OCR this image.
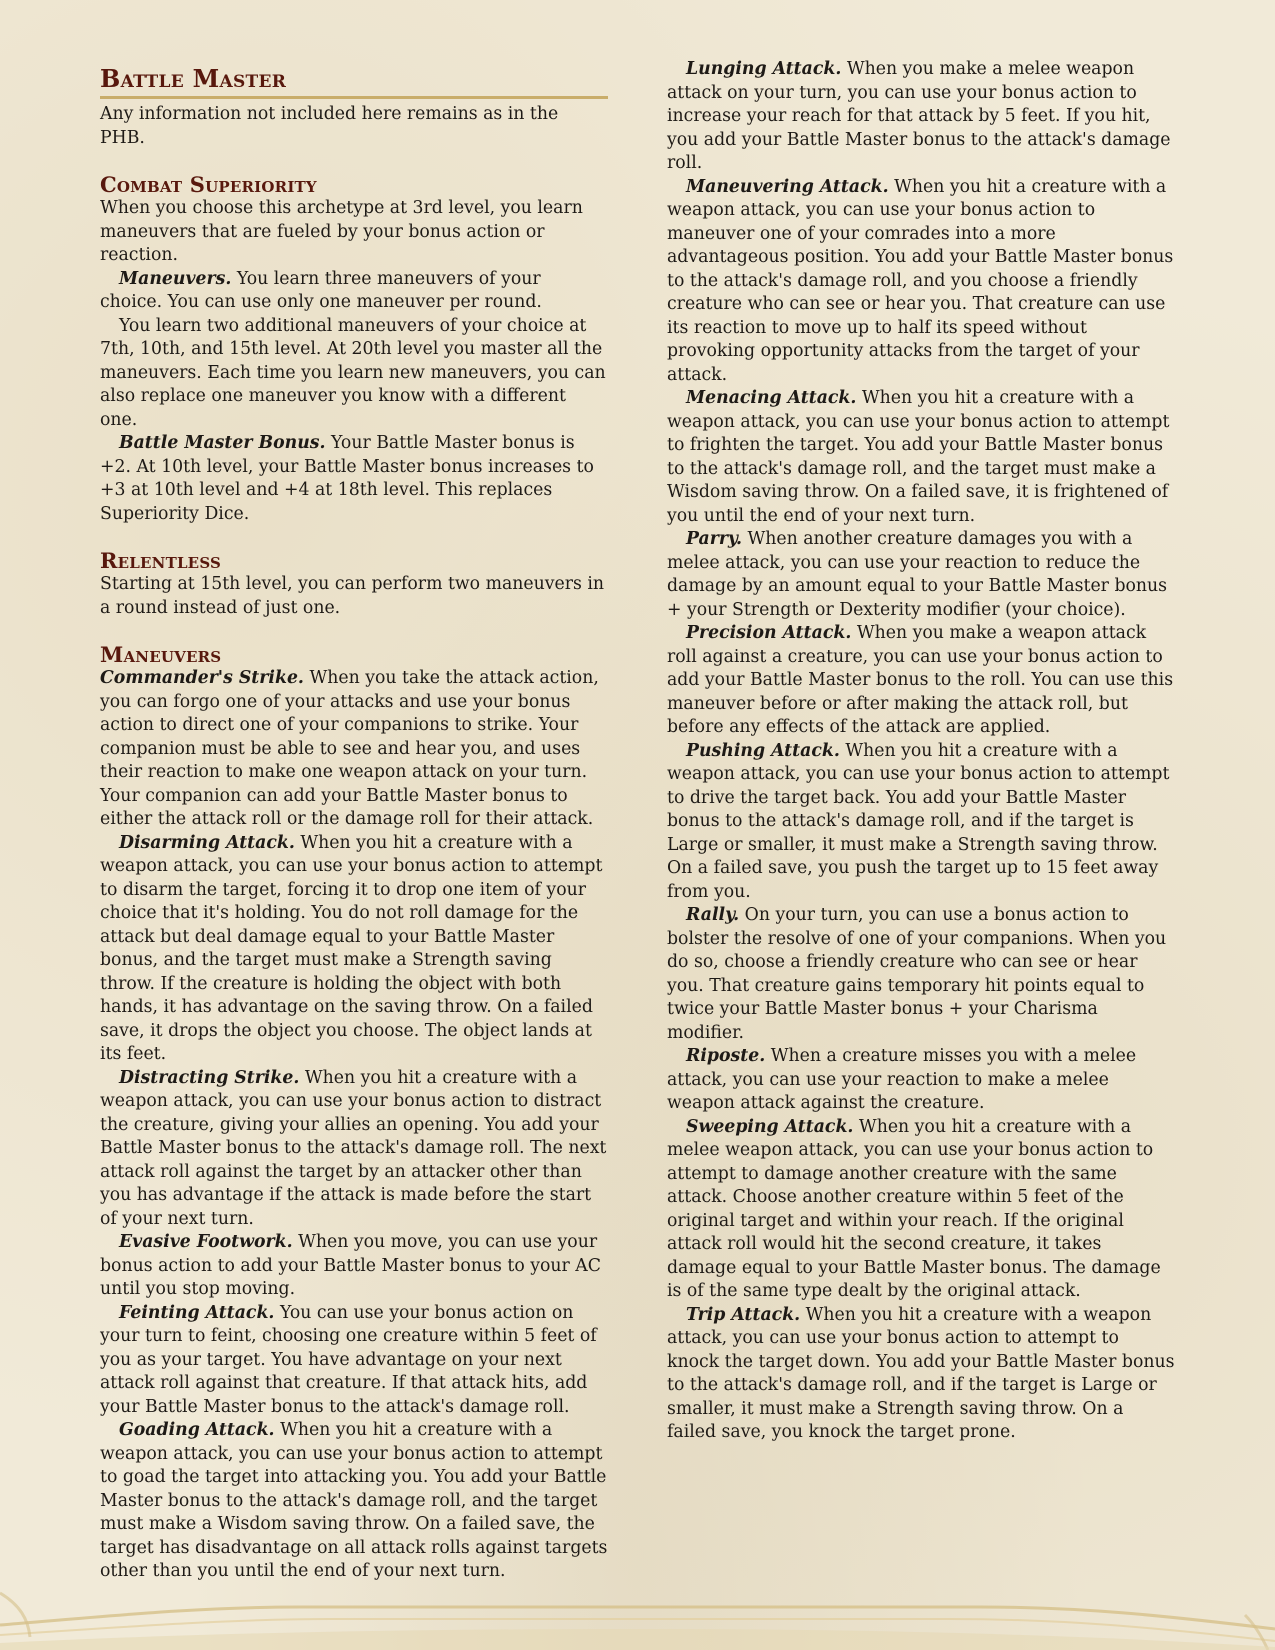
Battle Master

Any information not included here remains as in the PHB.

Combat Superiority

When you choose this archetype at 3rd level, you learn maneuvers that are fueled by your bonus action or reaction.

Maneuvers. You learn three maneuvers of your choice. You can use only one maneuver per round.

You learn two additional maneuvers of your choice at 7th, 10th, and 15th level. At 20th level you master all the maneuvers. Each time you learn new maneuvers, you can also replace one maneuver you know with a different one.

Battle Master Bonus. Your Battle Master bonus is +2. At 10th level, your Battle Master bonus increases to +3 at 10th level and +4 at 18th level. This replaces Superiority Dice.

Relentless

Starting at 15th level, you can perform two maneuvers in a round instead of just one.

Maneuvers

Commander's Strike. When you take the attack action, you can forgo one of your attacks and use your bonus action to direct one of your companions to strike. Your companion must be able to see and hear you, and uses their reaction to make one weapon attack on your turn. Your companion can add your Battle Master bonus to either the attack roll or the damage roll for their attack.

Disarming Attack. When you hit a creature with a weapon attack, you can use your bonus action to attempt to disarm the target, forcing it to drop one item of your choice that it's holding. You do not roll damage for the attack but deal damage equal to your Battle Master bonus, and the target must make a Strength saving throw. If the creature is holding the object with both hands, it has advantage on the saving throw. On a failed save, it drops the object you choose. The object lands at its feet.

Distracting Strike. When you hit a creature with a weapon attack, you can use your bonus action to distract the creature, giving your allies an opening. You add your Battle Master bonus to the attack's damage roll. The next attack roll against the target by an attacker other than you has advantage if the attack is made before the start of your next turn.

Evasive Footwork. When you move, you can use your bonus action to add your Battle Master bonus to your AC until you stop moving.

Feinting Attack. You can use your bonus action on your turn to feint, choosing one creature within 5 feet of you as your target. You have advantage on your next attack roll against that creature. If that attack hits, add your Battle Master bonus to the attack's damage roll.

Goading Attack. When you hit a creature with a weapon attack, you can use your bonus action to attempt to goad the target into attacking you. You add your Battle Master bonus to the attack's damage roll, and the target must make a Wisdom saving throw. On a failed save, the target has disadvantage on all attack rolls against targets other than you until the end of your next turn.

Lunging Attack. When you make a melee weapon attack on your turn, you can use your bonus action to increase your reach for that attack by 5 feet. If you hit, you add your Battle Master bonus to the attack's damage roll.

Maneuvering Attack. When you hit a creature with a weapon attack, you can use your bonus action to maneuver one of your comrades into a more advantageous position. You add your Battle Master bonus to the attack's damage roll, and you choose a friendly creature who can see or hear you. That creature can use its reaction to move up to half its speed without provoking opportunity attacks from the target of your attack.

Menacing Attack. When you hit a creature with a weapon attack, you can use your bonus action to attempt to frighten the target. You add your Battle Master bonus to the attack's damage roll, and the target must make a Wisdom saving throw. On a failed save, it is frightened of you until the end of your next turn.

Parry. When another creature damages you with a melee attack, you can use your reaction to reduce the damage by an amount equal to your Battle Master bonus + your Strength or Dexterity modifier (your choice).

Precision Attack. When you make a weapon attack roll against a creature, you can use your bonus action to add your Battle Master bonus to the roll. You can use this maneuver before or after making the attack roll, but before any effects of the attack are applied.

Pushing Attack. When you hit a creature with a weapon attack, you can use your bonus action to attempt to drive the target back. You add your Battle Master bonus to the attack's damage roll, and if the target is Large or smaller, it must make a Strength saving throw. On a failed save, you push the target up to 15 feet away from you.

Rally. On your turn, you can use a bonus action to bolster the resolve of one of your companions. When you do so, choose a friendly creature who can see or hear you. That creature gains temporary hit points equal to twice your Battle Master bonus + your Charisma modifier.

Riposte. When a creature misses you with a melee attack, you can use your reaction to make a melee weapon attack against the creature.

Sweeping Attack. When you hit a creature with a melee weapon attack, you can use your bonus action to attempt to damage another creature with the same attack. Choose another creature within 5 feet of the original target and within your reach. If the original attack roll would hit the second creature, it takes damage equal to your Battle Master bonus. The damage is of the same type dealt by the original attack.

Trip Attack. When you hit a creature with a weapon attack, you can use your bonus action to attempt to knock the target down. You add your Battle Master bonus to the attack's damage roll, and if the target is Large or smaller, it must make a Strength saving throw. On a failed save, you knock the target prone.
